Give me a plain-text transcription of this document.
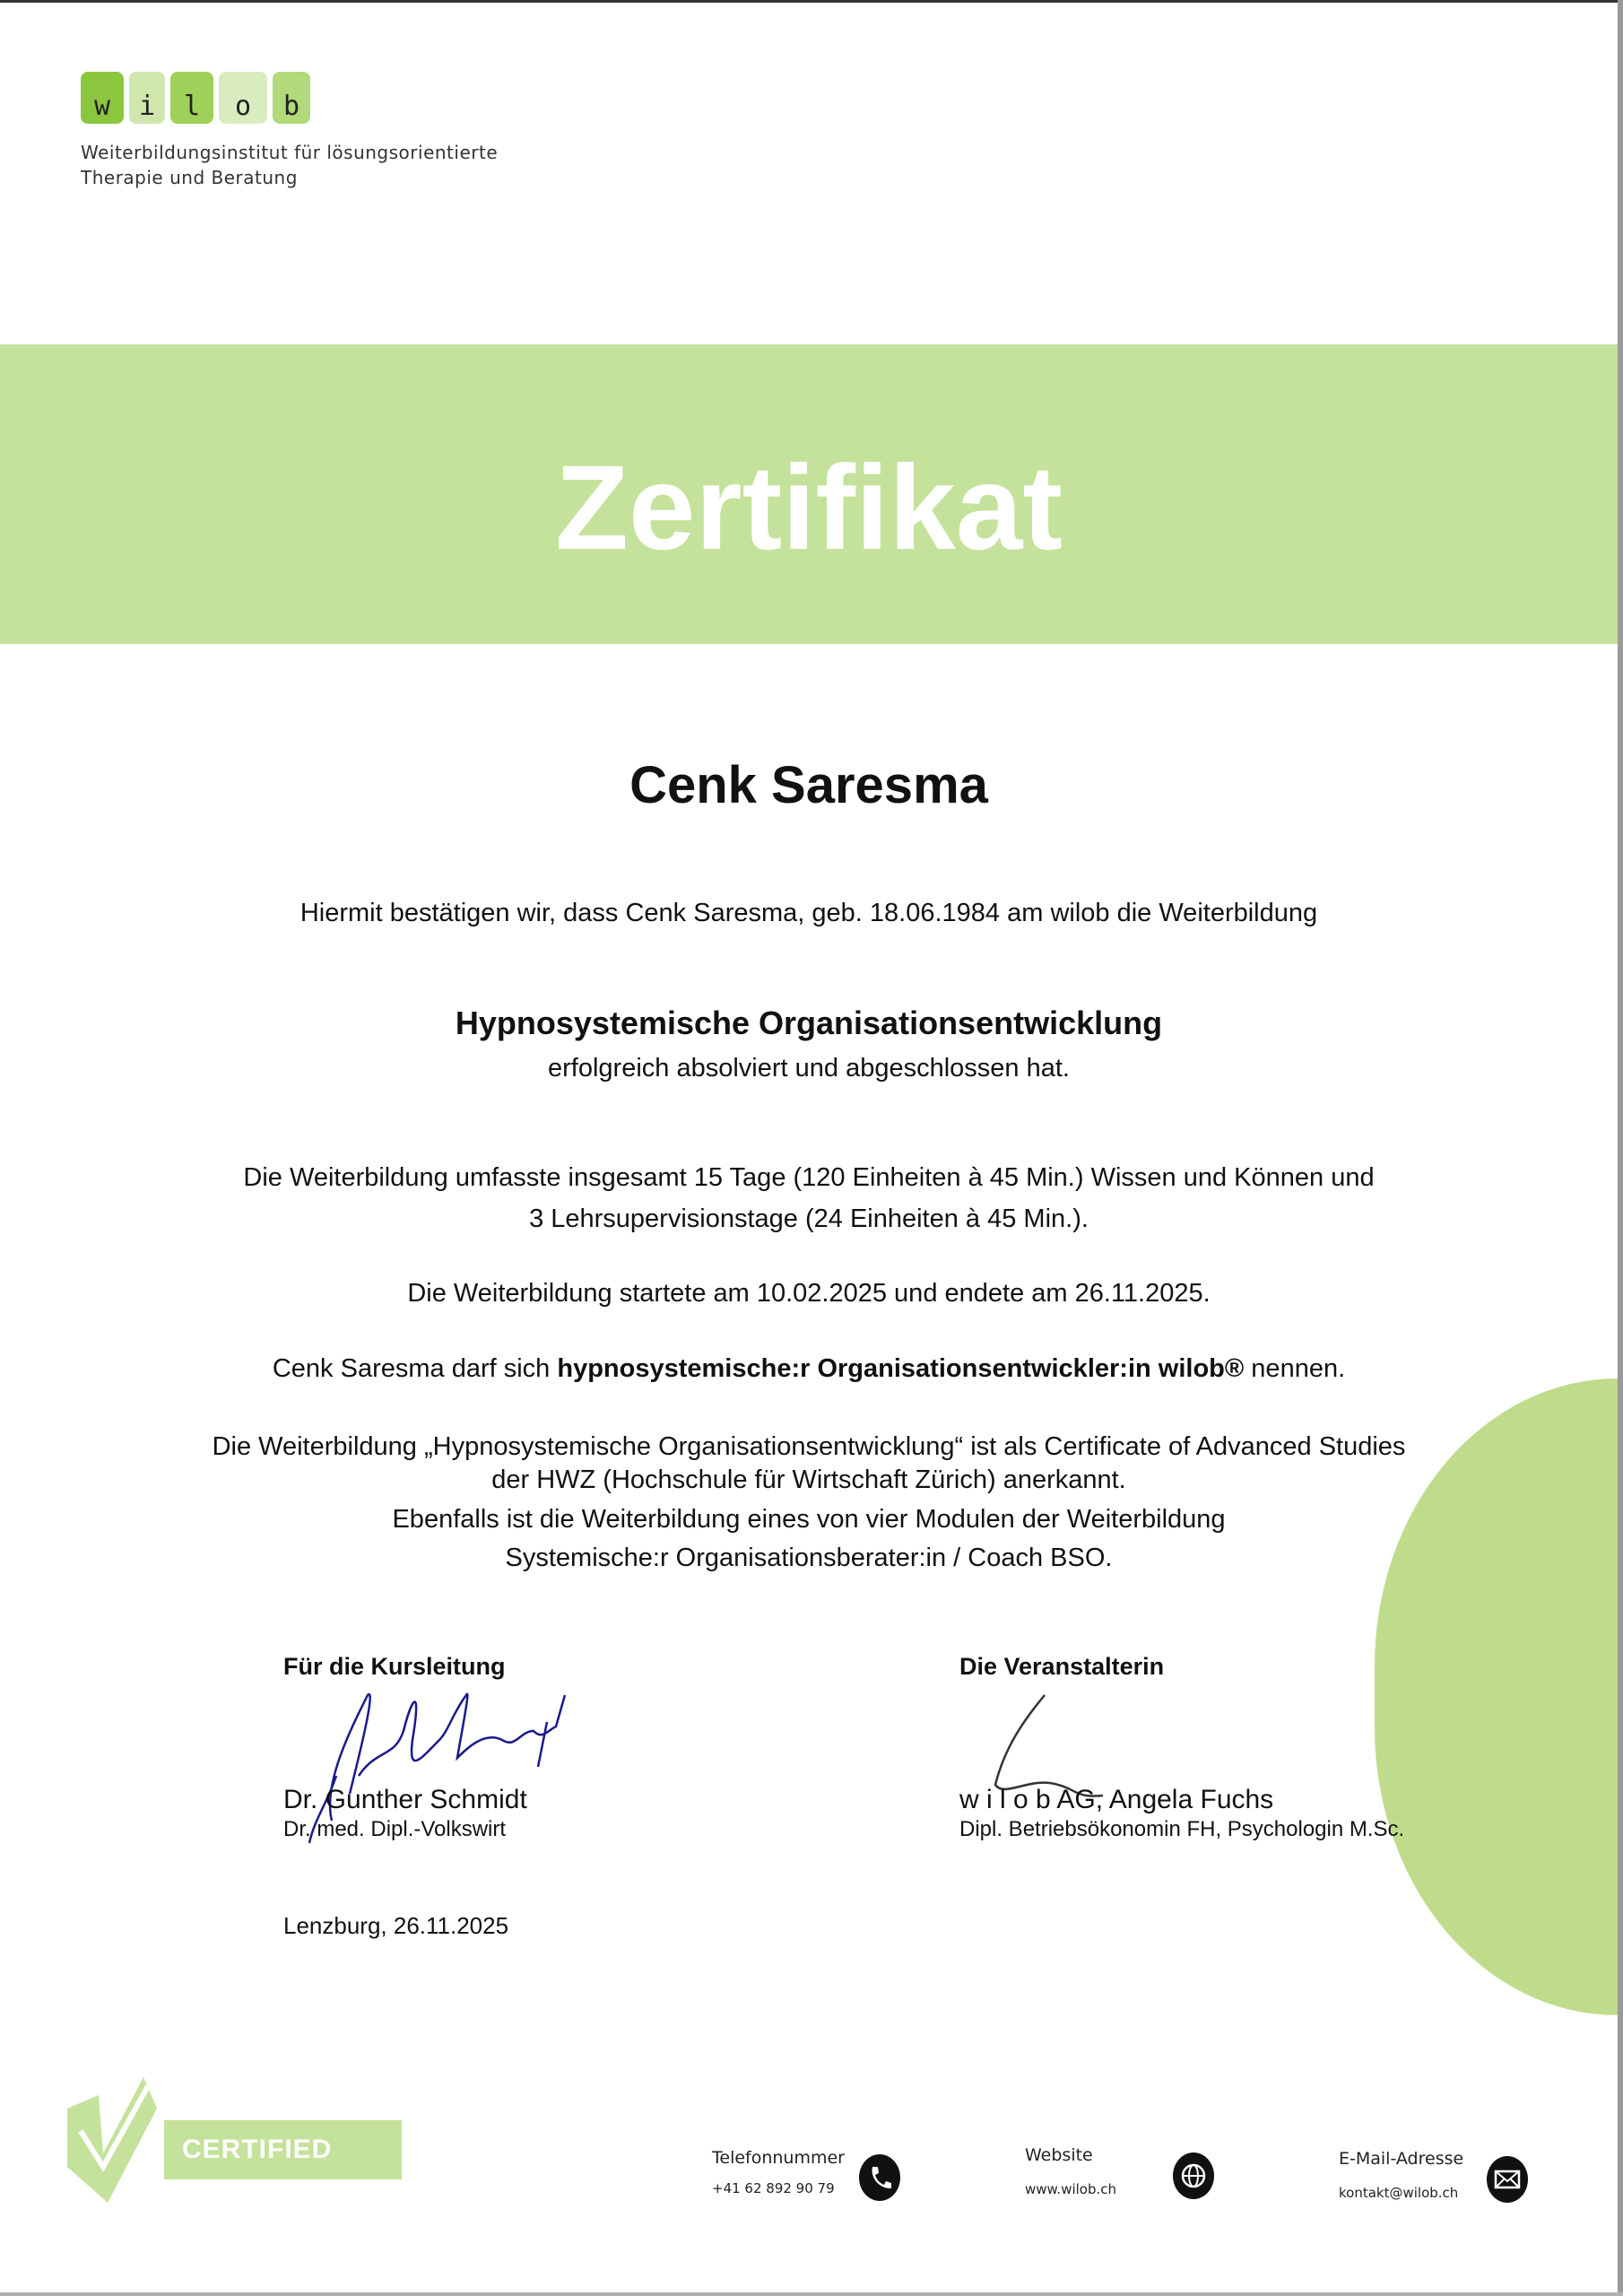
w	i	l	o	b
Weiterbildungsinstitut für lösungsorientierte
Therapie und Beratung
Zertifikat
Cenk Saresma
Hiermit bestätigen wir, dass Cenk Saresma, geb. 18.06.1984 am wilob die Weiterbildung
Hypnosystemische Organisationsentwicklung
erfolgreich absolviert und abgeschlossen hat.
Die Weiterbildung umfasste insgesamt 15 Tage (120 Einheiten à 45 Min.) Wissen und Können und
3 Lehrsupervisionstage (24 Einheiten à 45 Min.).
Die Weiterbildung startete am 10.02.2025 und endete am 26.11.2025.
Cenk Saresma darf sich hypnosystemische:r Organisationsentwickler:in wilob® nennen.
Die Weiterbildung „Hypnosystemische Organisationsentwicklung“ ist als Certificate of Advanced Studies
der HWZ (Hochschule für Wirtschaft Zürich) anerkannt.
Ebenfalls ist die Weiterbildung eines von vier Modulen der Weiterbildung
Systemische:r Organisationsberater:in / Coach BSO.
Für die Kursleitung
Dr. Gunther Schmidt
Dr. med. Dipl.-Volkswirt
Lenzburg, 26.11.2025
Die Veranstalterin
w i l o b AG, Angela Fuchs
Dipl. Betriebsökonomin FH, Psychologin M.Sc.
CERTIFIED	Telefonnummer
+41 62 892 90 79
Website
www.wilob.ch
E-Mail-Adresse
kontakt@wilob.ch
